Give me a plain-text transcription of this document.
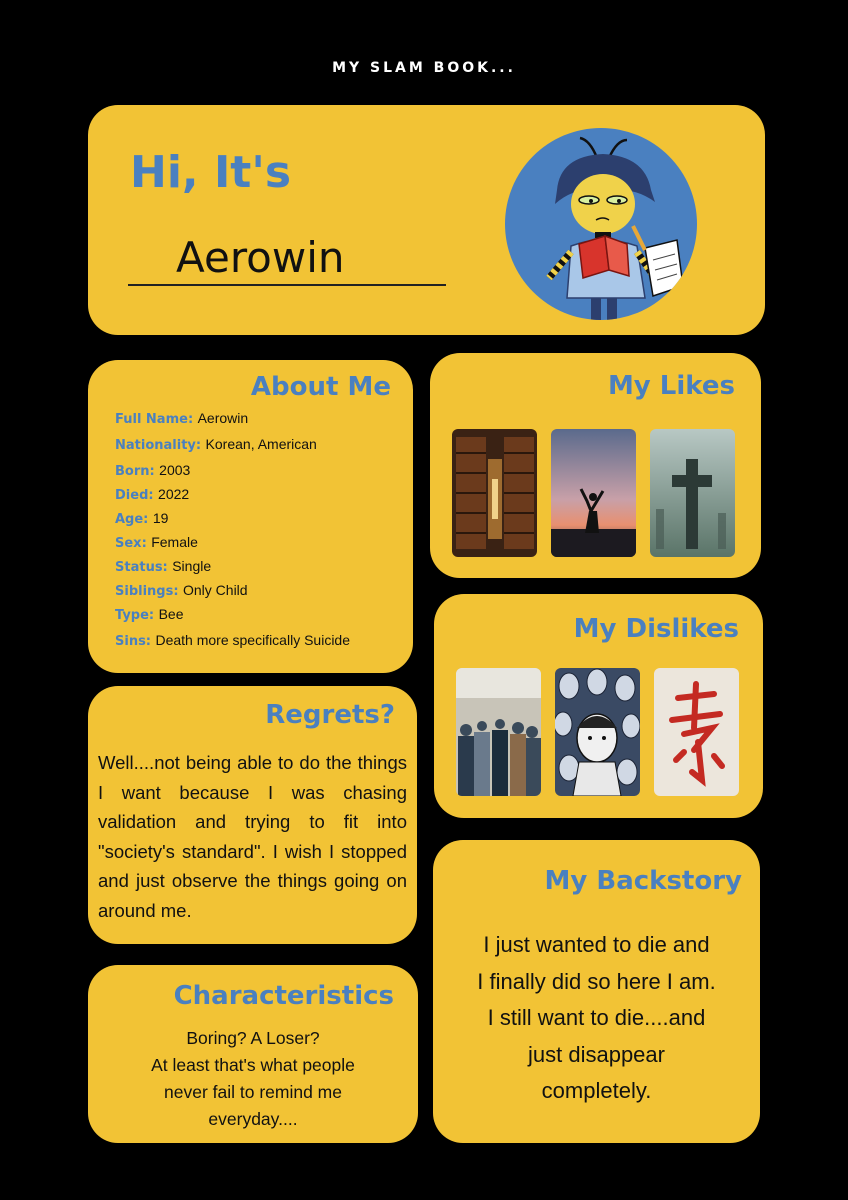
MY SLAM BOOK...
Hi, It's
Aerowin
About Me
Full Name: Aerowin
Nationality: Korean, American
Born: 2003
Died: 2022
Age: 19
Sex: Female
Status: Single
Siblings: Only Child
Type: Bee
Sins: Death more specifically Suicide
My Likes
My Dislikes
Regrets?
Well....not being able to do the things I want because I was chasing validation and trying to fit into "society's standard". I wish I stopped and just observe the things going on around me.
Characteristics
Boring? A Loser?
At least that's what people
never fail to remind me
everyday....
My Backstory
I just wanted to die and
I finally did so here I am.
I still want to die....and
just disappear
completely.
